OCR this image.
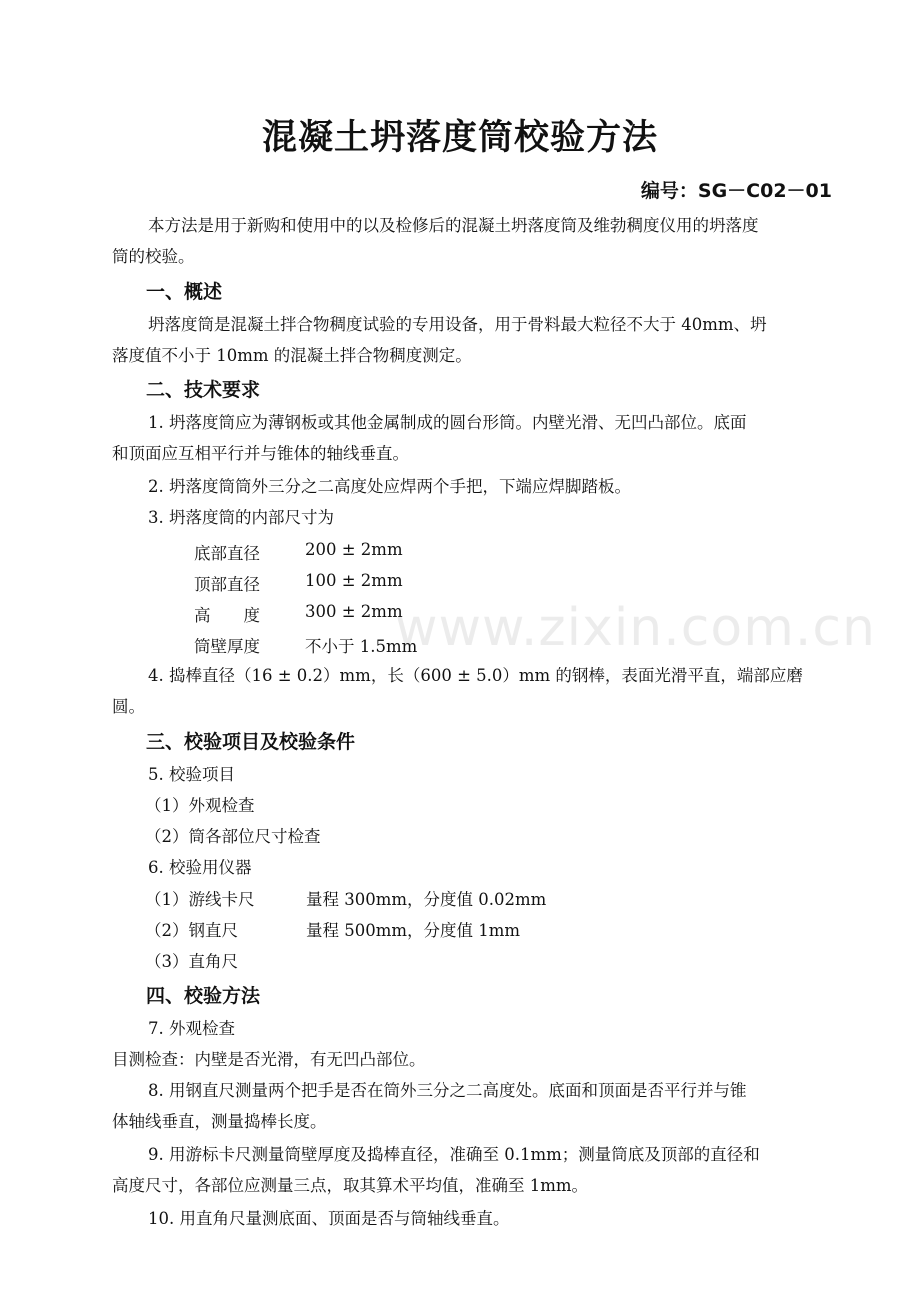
混凝土坍落度筒校验方法
编号：SG－C02－01
本方法是用于新购和使用中的以及检修后的混凝土坍落度筒及维勃稠度仪用的坍落度
筒的校验。
一、概述
坍落度筒是混凝土拌合物稠度试验的专用设备，用于骨料最大粒径不大于 40mm、坍
落度值不小于 10mm 的混凝土拌合物稠度测定。
二、技术要求
1. 坍落度筒应为薄钢板或其他金属制成的圆台形筒。内壁光滑、无凹凸部位。底面
和顶面应互相平行并与锥体的轴线垂直。
2. 坍落度筒筒外三分之二高度处应焊两个手把，下端应焊脚踏板。
3. 坍落度筒的内部尺寸为
底部直径	200 ± 2mm
顶部直径	100 ± 2mm
高　　度	300 ± 2mm
筒壁厚度	不小于 1.5mm
4. 捣棒直径（16 ± 0.2）mm，长（600 ± 5.0）mm 的钢棒，表面光滑平直，端部应磨
圆。
三、校验项目及校验条件
5. 校验项目
（1）外观检查
（2）筒各部位尺寸检查
6. 校验用仪器
（1）游线卡尺	量程 300mm，分度值 0.02mm
（2）钢直尺	量程 500mm，分度值 1mm
（3）直角尺
四、校验方法
7. 外观检查
目测检查：内壁是否光滑，有无凹凸部位。
8. 用钢直尺测量两个把手是否在筒外三分之二高度处。底面和顶面是否平行并与锥
体轴线垂直，测量捣棒长度。
9. 用游标卡尺测量筒壁厚度及捣棒直径，准确至 0.1mm；测量筒底及顶部的直径和
高度尺寸，各部位应测量三点，取其算术平均值，准确至 1mm。
10. 用直角尺量测底面、顶面是否与筒轴线垂直。
www.zixin.com.cn
